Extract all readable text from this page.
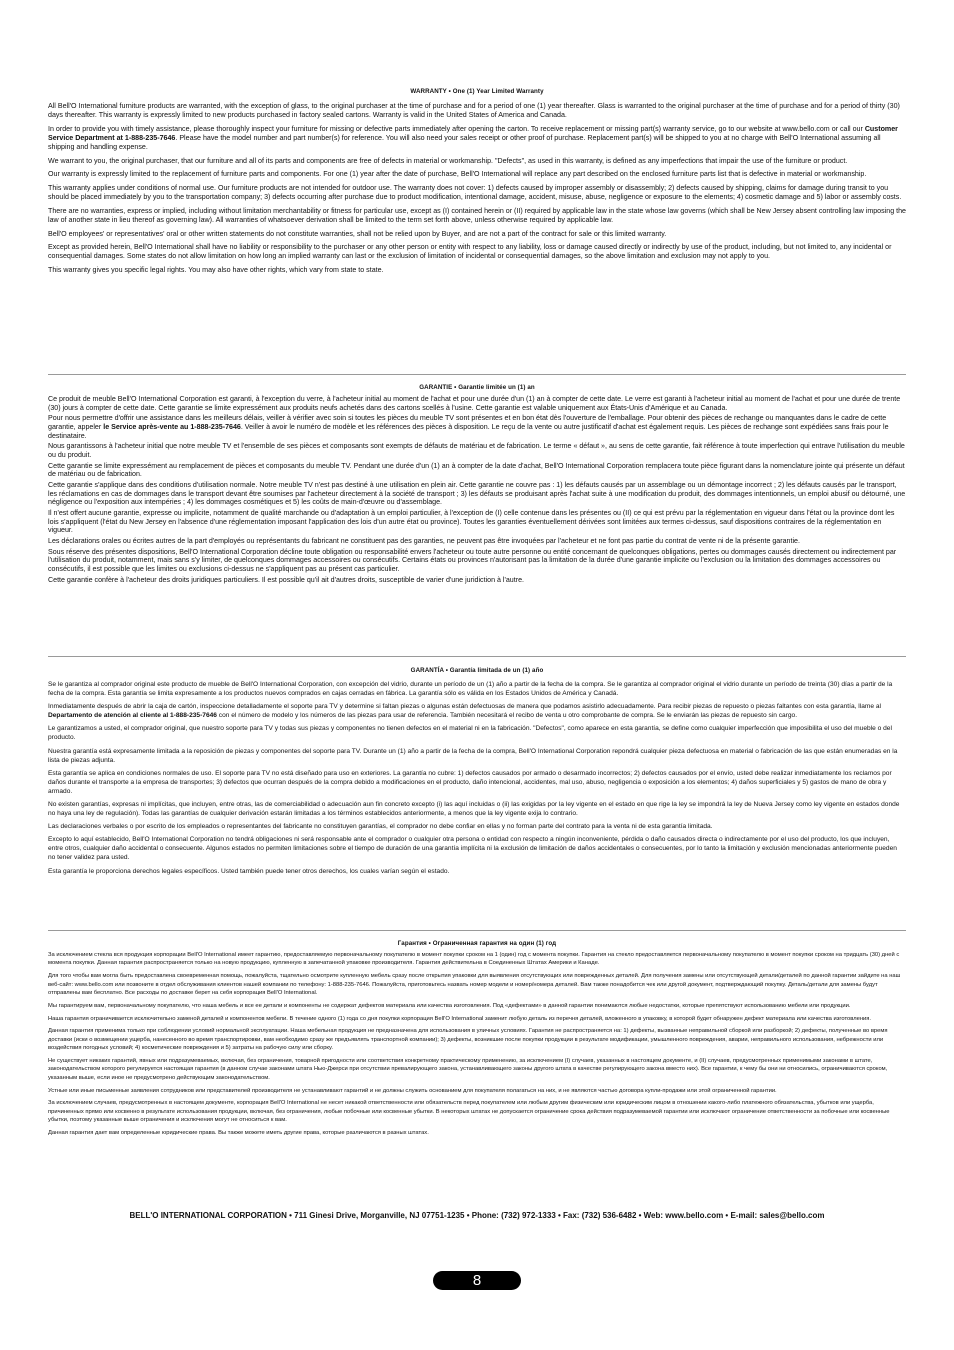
WARRANTY • One (1) Year Limited Warranty

All Bell'O International furniture products are warranted, with the exception of glass, to the original purchaser at the time of purchase and for a period of one (1) year thereafter. Glass is warranted to the original purchaser at the time of purchase and for a period of thirty (30) days thereafter. This warranty is expressly limited to new products purchased in factory sealed cartons. Warranty is valid in the United States of America and Canada.

In order to provide you with timely assistance, please thoroughly inspect your furniture for missing or defective parts immediately after opening the carton. To receive replacement or missing part(s) warranty service, go to our website at www.bello.com or call our Customer Service Department at 1-888-235-7646. Please have the model number and part number(s) for reference. You will also need your sales receipt or other proof of purchase. Replacement part(s) will be shipped to you at no charge with Bell'O International assuming all shipping and handling expense.

We warrant to you, the original purchaser, that our furniture and all of its parts and components are free of defects in material or workmanship. "Defects", as used in this warranty, is defined as any imperfections that impair the use of the furniture or product.

Our warranty is expressly limited to the replacement of furniture parts and components. For one (1) year after the date of purchase, Bell'O International will replace any part described on the enclosed furniture parts list that is defective in material or workmanship.

This warranty applies under conditions of normal use. Our furniture products are not intended for outdoor use. The warranty does not cover: 1) defects caused by improper assembly or disassembly; 2) defects caused by shipping, claims for damage during transit to you should be placed immediately by you to the transportation company; 3) defects occurring after purchase due to product modification, intentional damage, accident, misuse, abuse, negligence or exposure to the elements; 4) cosmetic damage and 5) labor or assembly costs.

There are no warranties, express or implied, including without limitation merchantability or fitness for particular use, except as (I) contained herein or (II) required by applicable law in the state whose law governs (which shall be New Jersey absent controlling law imposing the law of another state in lieu thereof as governing law). All warranties of whatsoever derivation shall be limited to the term set forth above, unless otherwise required by applicable law.

Bell'O employees' or representatives' oral or other written statements do not constitute warranties, shall not be relied upon by Buyer, and are not a part of the contract for sale or this limited warranty.

Except as provided herein, Bell'O International shall have no liability or responsibility to the purchaser or any other person or entity with respect to any liability, loss or damage caused directly or indirectly by use of the product, including, but not limited to, any incidental or consequential damages. Some states do not allow limitation on how long an implied warranty can last or the exclusion of limitation of incidental or consequential damages, so the above limitation and exclusion may not apply to you.

This warranty gives you specific legal rights. You may also have other rights, which vary from state to state.

GARANTIE • Garantie limitée un (1) an

Ce produit de meuble Bell'O International Corporation est garanti, à l'exception du verre, à l'acheteur initial au moment de l'achat et pour une durée d'un (1) an à compter de cette date. Le verre est garanti à l'acheteur initial au moment de l'achat et pour une durée de trente (30) jours à compter de cette date. Cette garantie se limite expressément aux produits neufs achetés dans des cartons scellés à l'usine. Cette garantie est valable uniquement aux États-Unis d'Amérique et au Canada.

Pour nous permettre d'offrir une assistance dans les meilleurs délais, veiller à vérifier avec soin si toutes les pièces du meuble TV sont présentes et en bon état dès l'ouverture de l'emballage. Pour obtenir des pièces de rechange ou manquantes dans le cadre de cette garantie, appeler le Service après-vente au 1-888-235-7646. Veiller à avoir le numéro de modèle et les références des pièces à disposition. Le reçu de la vente ou autre justificatif d'achat est également requis. Les pièces de rechange sont expédiées sans frais pour le destinataire.

Nous garantissons à l'acheteur initial que notre meuble TV et l'ensemble de ses pièces et composants sont exempts de défauts de matériau et de fabrication. Le terme « défaut », au sens de cette garantie, fait référence à toute imperfection qui entrave l'utilisation du meuble ou du produit.

Cette garantie se limite expressément au remplacement de pièces et composants du meuble TV. Pendant une durée d'un (1) an à compter de la date d'achat, Bell'O International Corporation remplacera toute pièce figurant dans la nomenclature jointe qui présente un défaut de matériau ou de fabrication.

Cette garantie s'applique dans des conditions d'utilisation normale. Notre meuble TV n'est pas destiné à une utilisation en plein air. Cette garantie ne couvre pas : 1) les défauts causés par un assemblage ou un démontage incorrect ; 2) les défauts causés par le transport, les réclamations en cas de dommages dans le transport devant être soumises par l'acheteur directement à la société de transport ; 3) les défauts se produisant après l'achat suite à une modification du produit, des dommages intentionnels, un emploi abusif ou détourné, une négligence ou l'exposition aux intempéries ; 4) les dommages cosmétiques et 5) les coûts de main-d'œuvre ou d'assemblage.

Il n'est offert aucune garantie, expresse ou implicite, notamment de qualité marchande ou d'adaptation à un emploi particulier, à l'exception de (I) celle contenue dans les présentes ou (II) ce qui est prévu par la réglementation en vigueur dans l'état ou la province dont les lois s'appliquent (l'état du New Jersey en l'absence d'une réglementation imposant l'application des lois d'un autre état ou province). Toutes les garanties éventuellement dérivées sont limitées aux termes ci-dessus, sauf dispositions contraires de la réglementation en vigueur.

Les déclarations orales ou écrites autres de la part d'employés ou représentants du fabricant ne constituent pas des garanties, ne peuvent pas être invoquées par l'acheteur et ne font pas partie du contrat de vente ni de la présente garantie.

Sous réserve des présentes dispositions, Bell'O International Corporation décline toute obligation ou responsabilité envers l'acheteur ou toute autre personne ou entité concernant de quelconques obligations, pertes ou dommages causés directement ou indirectement par l'utilisation du produit, notamment, mais sans s'y limiter, de quelconques dommages accessoires ou consécutifs. Certains états ou provinces n'autorisant pas la limitation de la durée d'une garantie implicite ou l'exclusion ou la limitation des dommages accessoires ou consécutifs, il est possible que les limites ou exclusions ci-dessus ne s'appliquent pas au présent cas particulier.

Cette garantie confère à l'acheteur des droits juridiques particuliers. Il est possible qu'il ait d'autres droits, susceptible de varier d'une juridiction à l'autre.

GARANTÍA • Garantía limitada de un (1) año

Se le garantiza al comprador original este producto de mueble de Bell'O International Corporation, con excepción del vidrio, durante un período de un (1) año a partir de la fecha de la compra. Se le garantiza al comprador original el vidrio durante un período de treinta (30) días a partir de la fecha de la compra. Esta garantía se limita expresamente a los productos nuevos comprados en cajas cerradas en fábrica. La garantía sólo es válida en los Estados Unidos de América y Canadá.

Inmediatamente después de abrir la caja de cartón, inspeccione detalladamente el soporte para TV y determine si faltan piezas o algunas están defectuosas de manera que podamos asistirlo adecuadamente. Para recibir piezas de repuesto o piezas faltantes con esta garantía, llame al Departamento de atención al cliente al 1-888-235-7646 con el número de modelo y los números de las piezas para usar de referencia. También necesitará el recibo de venta u otro comprobante de compra. Se le enviarán las piezas de repuesto sin cargo.

Le garantizamos a usted, el comprador original, que nuestro soporte para TV y todas sus piezas y componentes no tienen defectos en el material ni en la fabricación. "Defectos", como aparece en esta garantía, se define como cualquier imperfección que imposibilita el uso del mueble o del producto.

Nuestra garantía está expresamente limitada a la reposición de piezas y componentes del soporte para TV. Durante un (1) año a partir de la fecha de la compra, Bell'O International Corporation repondrá cualquier pieza defectuosa en material o fabricación de las que están enumeradas en la lista de piezas adjunta.

Esta garantía se aplica en condiciones normales de uso. El soporte para TV no está diseñado para uso en exteriores. La garantía no cubre: 1) defectos causados por armado o desarmado incorrectos; 2) defectos causados por el envío, usted debe realizar inmediatamente los reclamos por daños durante el transporte a la empresa de transportes; 3) defectos que ocurran después de la compra debido a modificaciones en el producto, daño intencional, accidentes, mal uso, abuso, negligencia o exposición a los elementos; 4) daños superficiales y 5) gastos de mano de obra y armado.

No existen garantías, expresas ni implícitas, que incluyen, entre otras, las de comerciabilidad o adecuación aun fin concreto excepto (i) las aquí incluidas o (ii) las exigidas por la ley vigente en el estado en que rige la ley se impondrá la ley de Nueva Jersey como ley vigente en estados donde no haya una ley de regulación). Todas las garantías de cualquier derivación estarán limitadas a los términos establecidos anteriormente, a menos que la ley vigente exija lo contrario.

Las declaraciones verbales o por escrito de los empleados o representantes del fabricante no constituyen garantías, el comprador no debe confiar en ellas y no forman parte del contrato para la venta ni de esta garantía limitada.

Excepto lo aquí establecido, Bell'O International Corporation no tendrá obligaciones ni será responsable ante el comprador o cualquier otra persona o entidad con respecto a ningún inconveniente, pérdida o daño causados directa o indirectamente por el uso del producto, los que incluyen, entre otros, cualquier daño accidental o consecuente. Algunos estados no permiten limitaciones sobre el tiempo de duración de una garantía implícita ni la exclusión de limitación de daños accidentales o consecuentes, por lo tanto la limitación y exclusión mencionadas anteriormente pueden no tener validez para usted.

Esta garantía le proporciona derechos legales específicos. Usted también puede tener otros derechos, los cuales varían según el estado.

Гарантия • Ограниченная гарантия на один (1) год

За исключением стекла вся продукция корпорации Bell'O International имеет гарантию, предоставляемую первоначальному покупателю в момент покупки сроком на 1 (один) год с момента покупки. Гарантия на стекло предоставляется первоначальному покупателю в момент покупки сроком на тридцать (30) дней с момента покупки. Данная гарантия распространяется только на новую продукцию, купленную в запечатанной упаковке производителя. Гарантия действительна в Соединенных Штатах Америки и Канаде.

Для того чтобы вам могла быть предоставлена своевременная помощь, пожалуйста, тщательно осмотрите купленную мебель сразу после открытия упаковки для выявления отсутствующих или поврежденных деталей. Для получения замены или отсутствующей детали/деталей по данной гарантии зайдите на наш веб-сайт: www.bello.com или позвоните в отдел обслуживания клиентов нашей компании по телефону: 1-888-235-7646. Пожалуйста, приготовьтесь назвать номер модели и номер/номера деталей. Вам также понадобится чек или другой документ, подтверждающий покупку. Деталь/детали для замены будут отправлены вам бесплатно. Все расходы по доставке берет на себя корпорация Bell'O International.

Мы гарантируем вам, первоначальному покупателю, что наша мебель и все ее детали и компоненты не содержат дефектов материала или качества изготовления. Под «дефектами» в данной гарантии понимаются любые недостатки, которые препятствуют использованию мебели или продукции.

Наша гарантия ограничивается исключительно заменой деталей и компонентов мебели. В течение одного (1) года со дня покупки корпорация Bell'O International заменит любую деталь из перечня деталей, вложенного в упаковку, в которой будет обнаружен дефект материала или качества изготовления.

Данная гарантия применима только при соблюдении условий нормальной эксплуатации. Наша мебельная продукция не предназначена для использования в уличных условиях. Гарантия не распространяется на: 1) дефекты, вызванные неправильной сборкой или разборкой; 2) дефекты, полученные во время доставки (иски о возмещении ущерба, нанесенного во время транспортировки, вам необходимо сразу же предъявлять транспортной компании); 3) дефекты, возникшие после покупки продукции в результате модификации, умышленного повреждения, аварии, неправильного использования, небрежности или воздействия погодных условий; 4) косметические повреждения и 5) затраты на рабочую силу или сборку.

Не существует никаких гарантий, явных или подразумеваемых, включая, без ограничения, товарной пригодности или соответствия конкретному практическому применению, за исключением (I) случаев, указанных в настоящем документе, и (II) случаев, предусмотренных применимыми законами в штате, законодательством которого регулируется настоящая гарантия (в данном случае законами штата Нью-Джерси при отсутствии превалирующего закона, устанавливающего законы другого штата в качестве регулирующего закона вместо них). Все гарантии, к чему бы они ни относились, ограничиваются сроком, указанным выше, если иное не предусмотрено действующим законодательством.

Устные или иные письменные заявления сотрудников или представителей производителя не устанавливают гарантий и не должны служить основанием для покупателя полагаться на них, и не являются частью договора купли-продажи или этой ограниченной гарантии.

За исключением случаев, предусмотренных в настоящем документе, корпорация Bell'O International не несет никакой ответственности или обязательств перед покупателем или любым другим физическим или юридическим лицом в отношении какого-либо платежного обязательства, убытков или ущерба, причиненных прямо или косвенно в результате использования продукции, включая, без ограничения, любые побочные или косвенные убытки. В некоторых штатах не допускается ограничение срока действия подразумеваемой гарантии или исключают ограничение ответственности за побочные или косвенные убытки, поэтому указанные выше ограничения и исключения могут не относиться к вам.

Данная гарантия дает вам определенные юридические права. Вы также можете иметь другие права, которые различаются в разных штатах.

BELL'O INTERNATIONAL CORPORATION • 711 Ginesi Drive, Morganville, NJ 07751-1235 • Phone: (732) 972-1333 • Fax: (732) 536-6482 • Web: www.bello.com • E-mail: sales@bello.com
8
